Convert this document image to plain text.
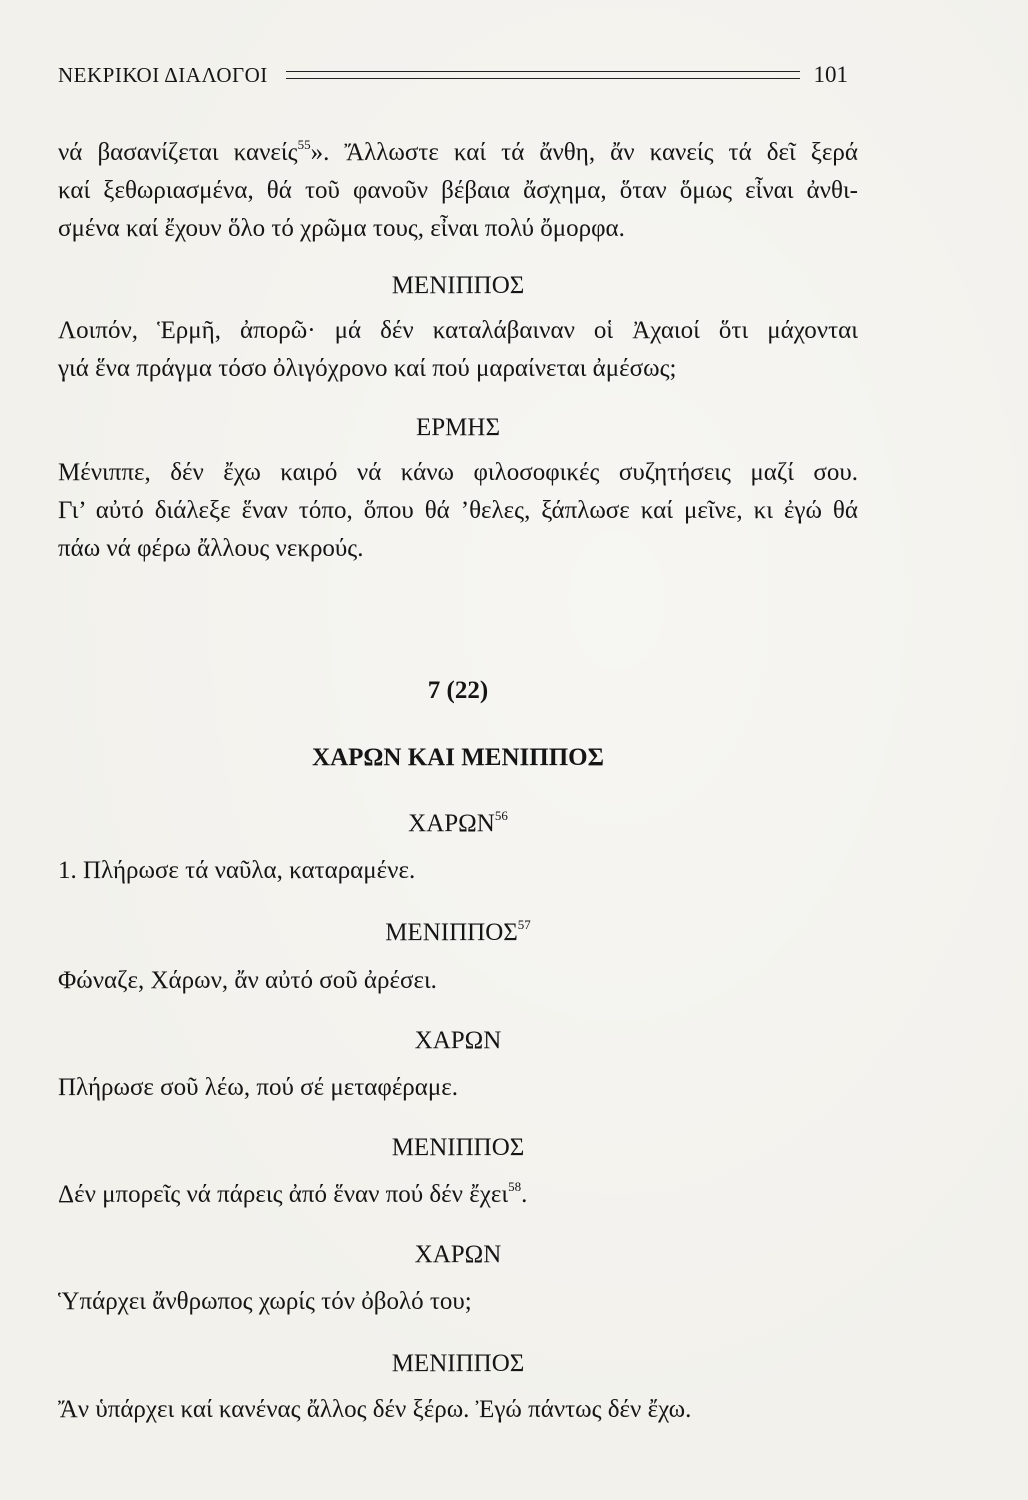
ΝΕΚΡΙΚΟΙ ΔΙΑΛΟΓΟΙ	101
νά βασανίζεται κανείς$^{55}$». Ἄλλωστε καί τά ἄνθη, ἄν κανείς τά δεῖ ξερά
καί ξεθωριασμένα, θά τοῦ φανοῦν βέβαια ἄσχημα, ὅταν ὅμως εἶναι ἀνθι-
σμένα καί ἔχουν ὅλο τό χρῶμα τους, εἶναι πολύ ὄμορφα.
ΜΕΝΙΠΠΟΣ
Λοιπόν, Ἑρμῆ, ἀπορῶ· μά δέν καταλάβαιναν οἱ Ἀχαιοί ὅτι μάχονται
γιά ἕνα πράγμα τόσο ὀλιγόχρονο καί πού μαραίνεται ἀμέσως;
ΕΡΜΗΣ
Μένιππε, δέν ἔχω καιρό νά κάνω φιλοσοφικές συζητήσεις μαζί σου.
Γι’ αὐτό διάλεξε ἕναν τόπο, ὅπου θά ’θελες, ξάπλωσε καί μεῖνε, κι ἐγώ θά
πάω νά φέρω ἄλλους νεκρούς.
7 (22)
ΧΑΡΩΝ ΚΑΙ ΜΕΝΙΠΠΟΣ
ΧΑΡΩΝ$^{56}$
1. Πλήρωσε τά ναῦλα, καταραμένε.
ΜΕΝΙΠΠΟΣ$^{57}$
Φώναζε, Χάρων, ἄν αὐτό σοῦ ἀρέσει.
ΧΑΡΩΝ
Πλήρωσε σοῦ λέω, πού σέ μεταφέραμε.
ΜΕΝΙΠΠΟΣ
Δέν μπορεῖς νά πάρεις ἀπό ἕναν πού δέν ἔχει$^{58}$.
ΧΑΡΩΝ
Ὑπάρχει ἄνθρωπος χωρίς τόν ὀβολό του;
ΜΕΝΙΠΠΟΣ
Ἄν ὑπάρχει καί κανένας ἄλλος δέν ξέρω. Ἐγώ πάντως δέν ἔχω.
